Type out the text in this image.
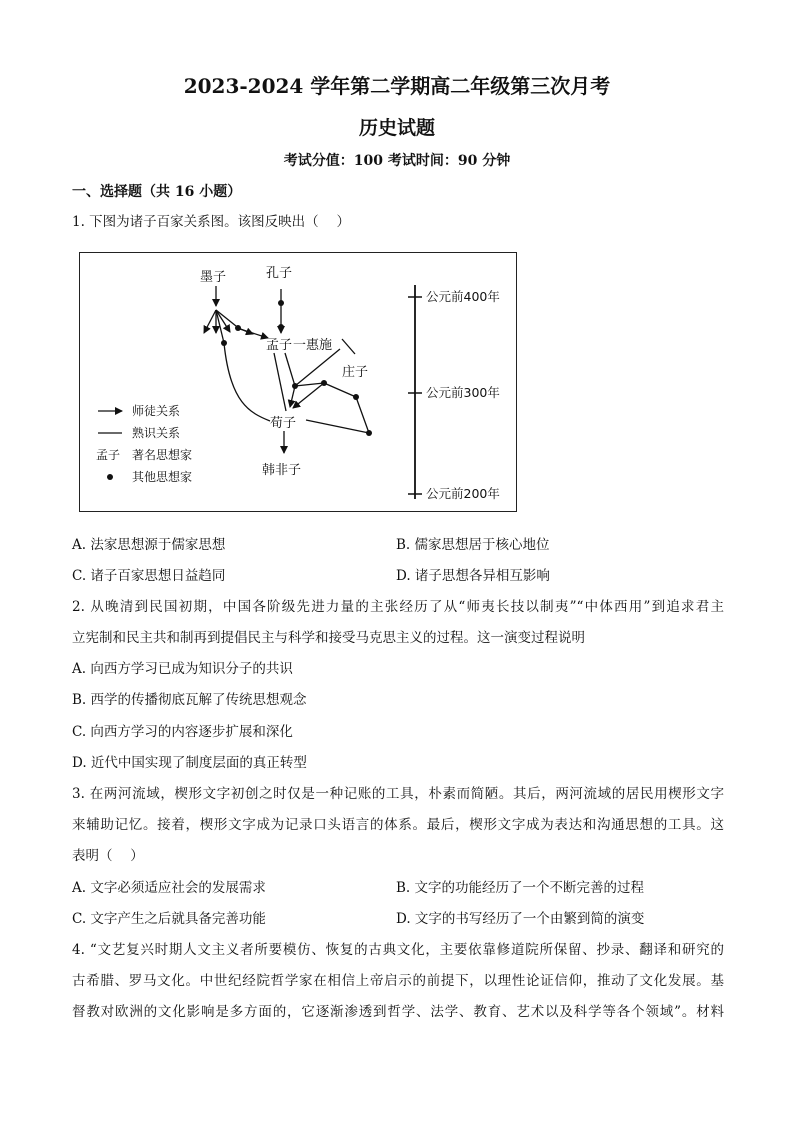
2023-2024 学年第二学期高二年级第三次月考
历史试题
考试分值：100 考试时间：90 分钟
一、选择题（共 16 小题）
1. 下图为诸子百家关系图。该图反映出（　 ）
墨子	孔子
孟子 一惠施
庄子
荀子
韩非子
公元前400年
公元前300年
公元前200年
师徒关系
熟识关系
孟子 著名思想家
其他思想家
A. 法家思想源于儒家思想	B. 儒家思想居于核心地位
C. 诸子百家思想日益趋同	D. 诸子思想各异相互影响
2. 从晚清到民国初期，中国各阶级先进力量的主张经历了从“师夷长技以制夷”“中体西用”到追求君主
立宪制和民主共和制再到提倡民主与科学和接受马克思主义的过程。这一演变过程说明
A. 向西方学习已成为知识分子的共识
B. 西学的传播彻底瓦解了传统思想观念
C. 向西方学习的内容逐步扩展和深化
D. 近代中国实现了制度层面的真正转型
3. 在两河流域，楔形文字初创之时仅是一种记账的工具，朴素而简陋。其后，两河流域的居民用楔形文字
来辅助记忆。接着，楔形文字成为记录口头语言的体系。最后，楔形文字成为表达和沟通思想的工具。这
表明（　 ）
A. 文字必须适应社会的发展需求	B. 文字的功能经历了一个不断完善的过程
C. 文字产生之后就具备完善功能	D. 文字的书写经历了一个由繁到简的演变
4. “文艺复兴时期人文主义者所要模仿、恢复的古典文化，主要依靠修道院所保留、抄录、翻译和研究的
古希腊、罗马文化。中世纪经院哲学家在相信上帝启示的前提下，以理性论证信仰，推动了文化发展。基
督教对欧洲的文化影响是多方面的，它逐渐渗透到哲学、法学、教育、艺术以及科学等各个领域”。材料
